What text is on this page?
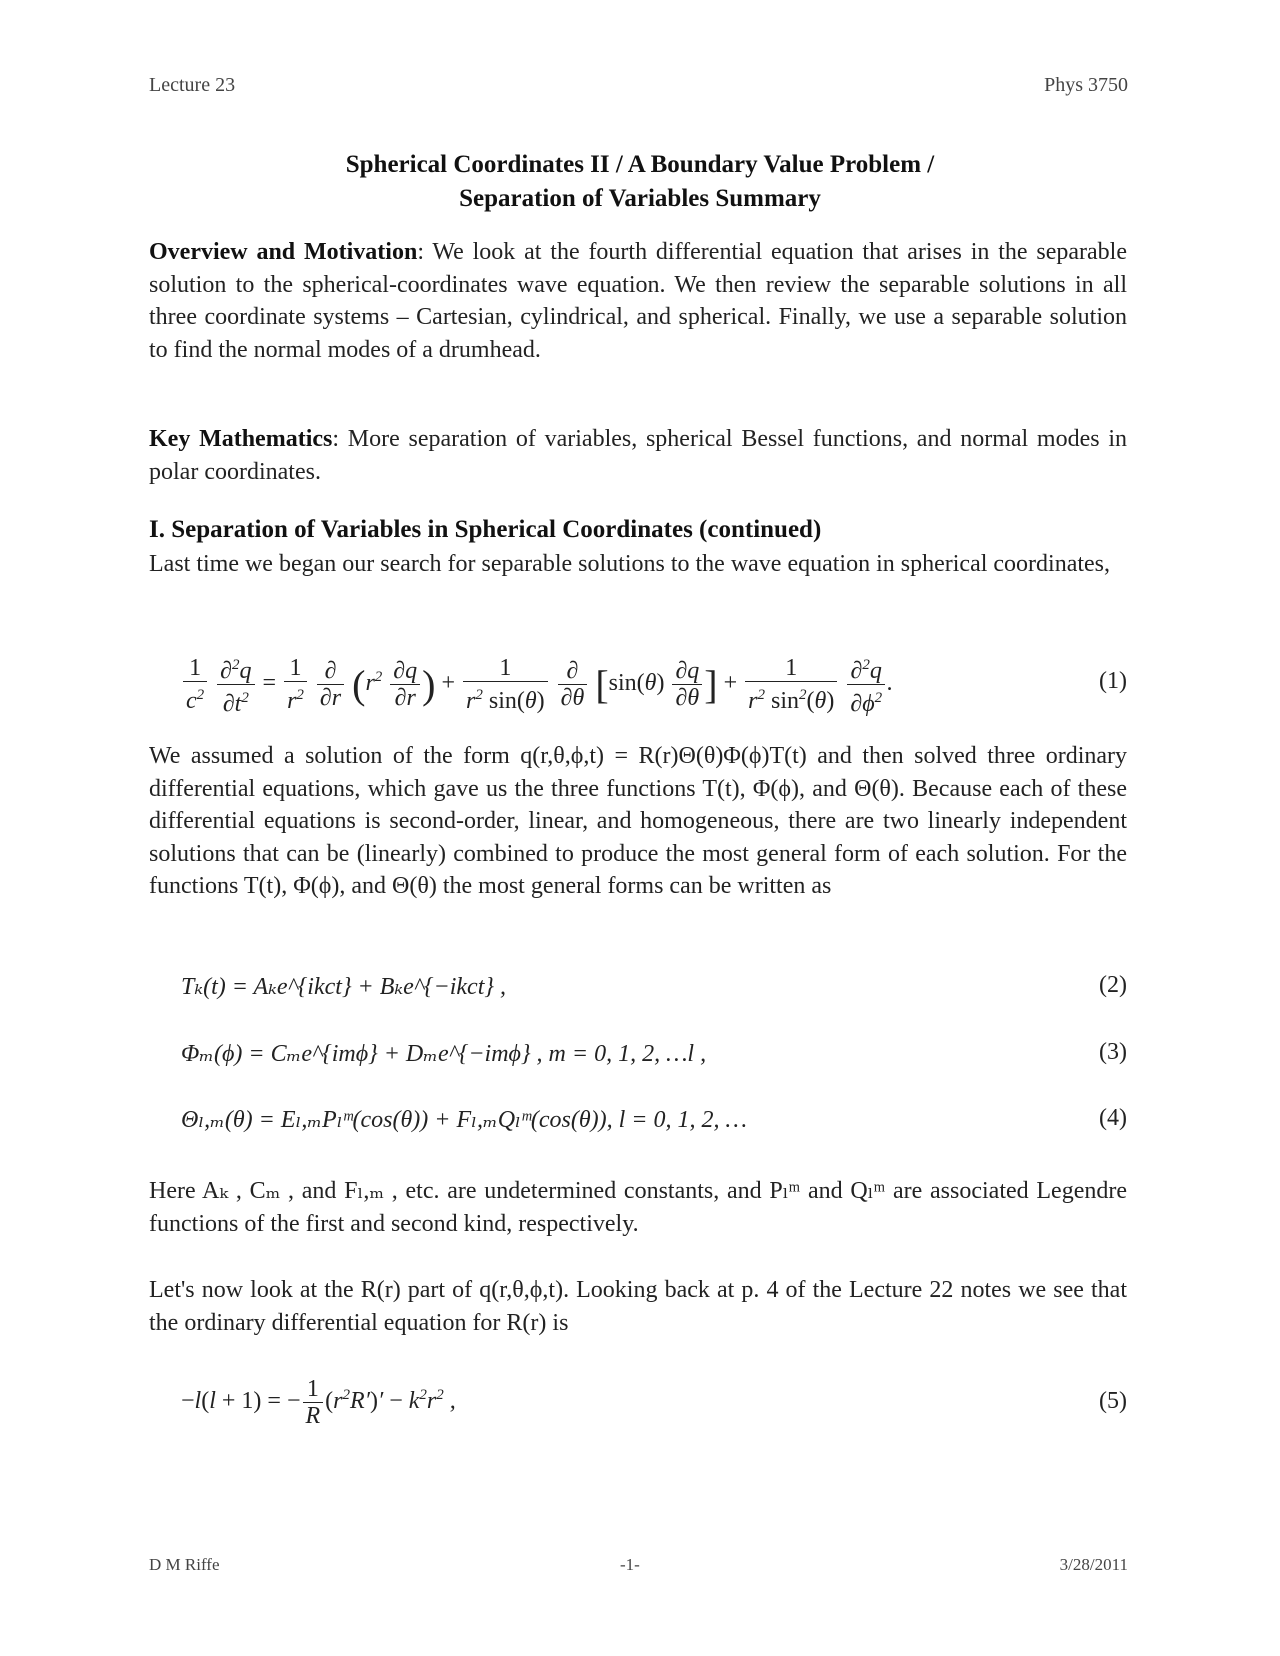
Lecture 23	Phys 3750
Spherical Coordinates II / A Boundary Value Problem /
Separation of Variables Summary
Overview and Motivation: We look at the fourth differential equation that arises in the separable solution to the spherical-coordinates wave equation. We then review the separable solutions in all three coordinate systems – Cartesian, cylindrical, and spherical. Finally, we use a separable solution to find the normal modes of a drumhead.
Key Mathematics: More separation of variables, spherical Bessel functions, and normal modes in polar coordinates.
I. Separation of Variables in Spherical Coordinates (continued)
Last time we began our search for separable solutions to the wave equation in spherical coordinates,
$\frac{1}{c^2}$
$\frac{\partial^2q}{\partial t^2} = \frac{1}{r^2}$
$\frac{\partial}{\partial r} (r^2 \frac{\partial q}{\partial r}$ ) + $\frac{1}{r^2 \sin(\theta)}$
$\frac{\partial}{\partial\theta} [\sin(\theta) \frac{\partial q}{\partial\theta}$ ] + $\frac{1}{r^2 \sin^2(\theta)}$
$\frac{\partial^2q}{\partial\phi^2}$ .	(1)
We assumed a solution of the form q(r,θ,ϕ,t) = R(r)Θ(θ)Φ(ϕ)T(t) and then solved three ordinary differential equations, which gave us the three functions T(t), Φ(ϕ), and Θ(θ). Because each of these differential equations is second-order, linear, and homogeneous, there are two linearly independent solutions that can be (linearly) combined to produce the most general form of each solution. For the functions T(t), Φ(ϕ), and Θ(θ) the most general forms can be written as
Tₖ(t) = Aₖe^{ikct} + Bₖe^{−ikct} ,	(2)
Φₘ(ϕ) = Cₘe^{imϕ} + Dₘe^{−imϕ} , m = 0, 1, 2, …l ,	(3)
Θₗ,ₘ(θ) = Eₗ,ₘPₗᵐ(cos(θ)) + Fₗ,ₘQₗᵐ(cos(θ)), l = 0, 1, 2, …	(4)
Here Aₖ , Cₘ , and Fₗ,ₘ , etc. are undetermined constants, and Pₗᵐ and Qₗᵐ are associated Legendre functions of the first and second kind, respectively.
Let's now look at the R(r) part of q(r,θ,ϕ,t). Looking back at p. 4 of the Lecture 22 notes we see that the ordinary differential equation for R(r) is
−l(l + 1) = − $\frac{1}{R} (r^2R')' - k^2r^2$ ,	(5)
D M Riffe	-1-	3/28/2011
